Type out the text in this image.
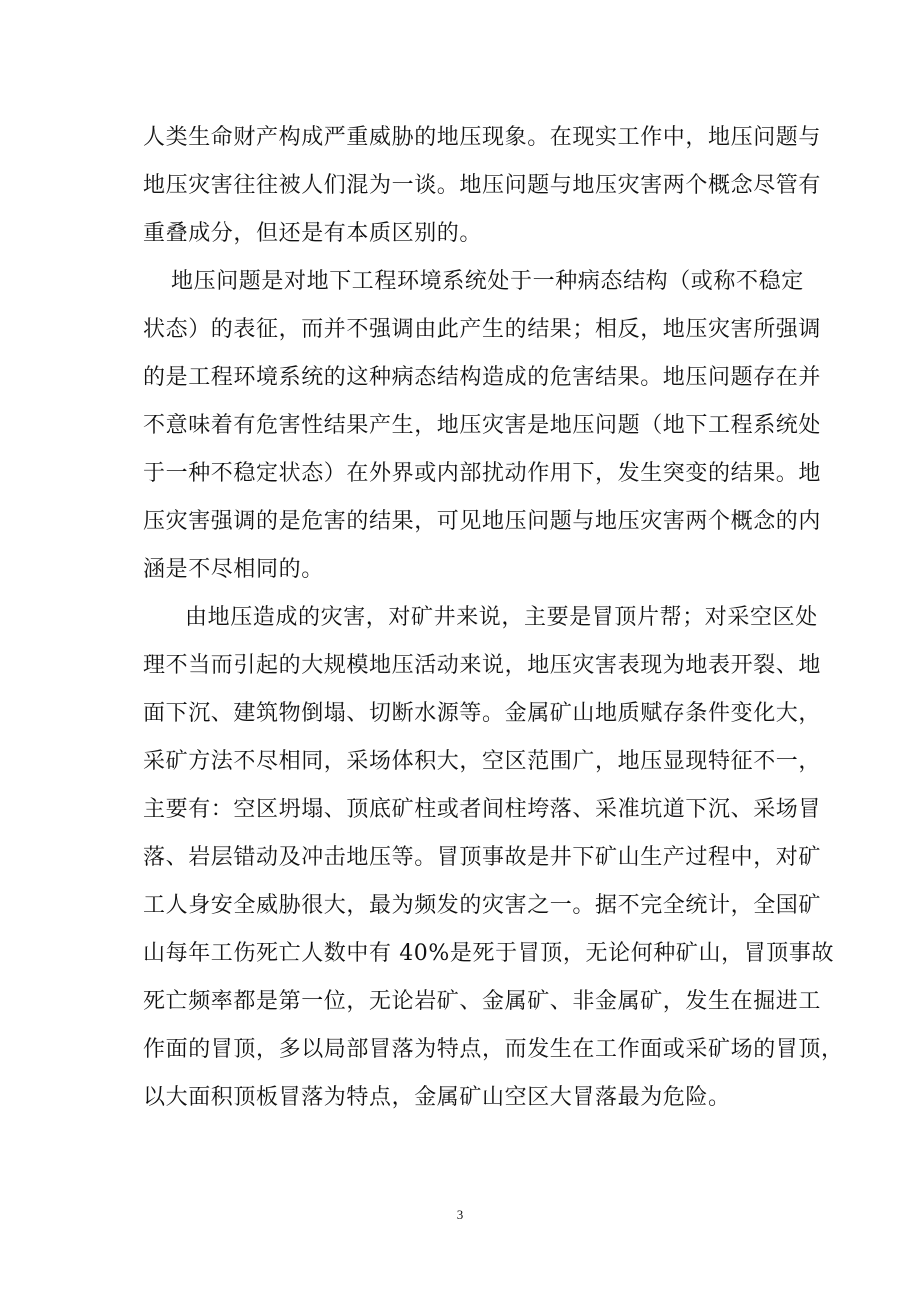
人类生命财产构成严重威胁的地压现象。在现实工作中，地压问题与
地压灾害往往被人们混为一谈。地压问题与地压灾害两个概念尽管有
重叠成分，但还是有本质区别的。
地压问题是对地下工程环境系统处于一种病态结构（或称不稳定
状态）的表征，而并不强调由此产生的结果；相反，地压灾害所强调
的是工程环境系统的这种病态结构造成的危害结果。地压问题存在并
不意味着有危害性结果产生，地压灾害是地压问题（地下工程系统处
于一种不稳定状态）在外界或内部扰动作用下，发生突变的结果。地
压灾害强调的是危害的结果，可见地压问题与地压灾害两个概念的内
涵是不尽相同的。
由地压造成的灾害，对矿井来说，主要是冒顶片帮；对采空区处
理不当而引起的大规模地压活动来说，地压灾害表现为地表开裂、地
面下沉、建筑物倒塌、切断水源等。金属矿山地质赋存条件变化大，
采矿方法不尽相同，采场体积大，空区范围广，地压显现特征不一，
主要有：空区坍塌、顶底矿柱或者间柱垮落、采准坑道下沉、采场冒
落、岩层错动及冲击地压等。冒顶事故是井下矿山生产过程中，对矿
工人身安全威胁很大，最为频发的灾害之一。据不完全统计，全国矿
山每年工伤死亡人数中有 40%是死于冒顶，无论何种矿山，冒顶事故
死亡频率都是第一位，无论岩矿、金属矿、非金属矿，发生在掘进工
作面的冒顶，多以局部冒落为特点，而发生在工作面或采矿场的冒顶，
以大面积顶板冒落为特点，金属矿山空区大冒落最为危险。
3
